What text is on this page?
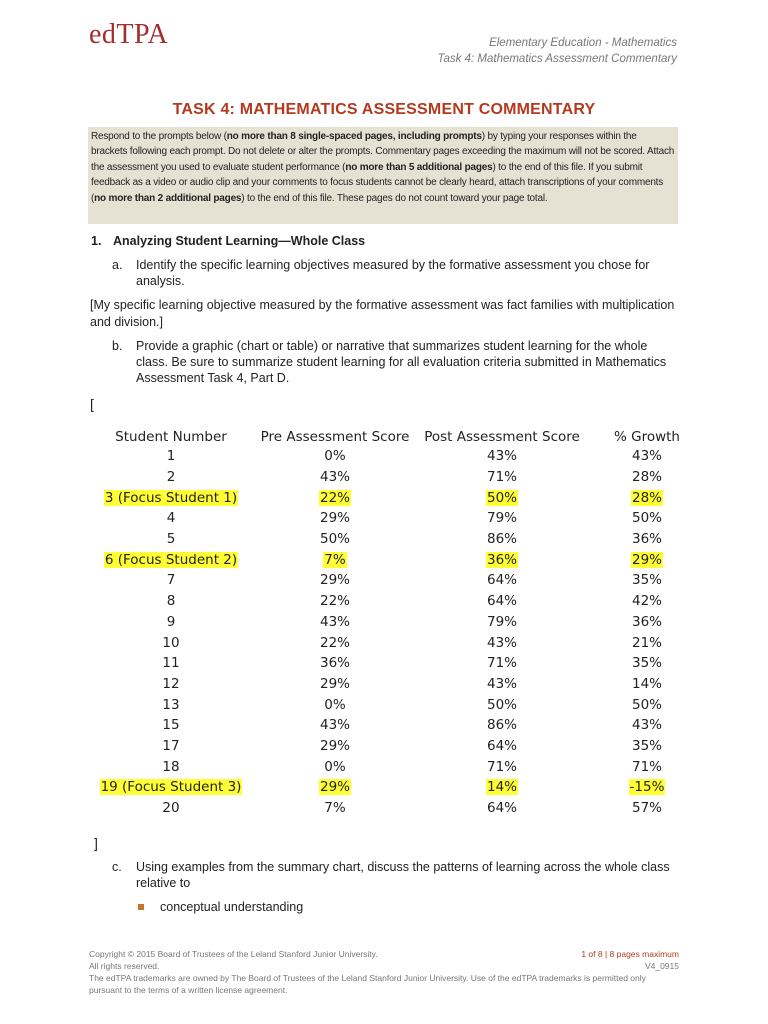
edTPA	Elementary Education - Mathematics
Task 4: Mathematics Assessment Commentary
TASK 4: MATHEMATICS ASSESSMENT COMMENTARY
Respond to the prompts below (no more than 8 single-spaced pages, including prompts) by typing your responses within the brackets following each prompt. Do not delete or alter the prompts. Commentary pages exceeding the maximum will not be scored. Attach the assessment you used to evaluate student performance (no more than 5 additional pages) to the end of this file. If you submit feedback as a video or audio clip and your comments to focus students cannot be clearly heard, attach transcriptions of your comments (no more than 2 additional pages) to the end of this file. These pages do not count toward your page total.
1. Analyzing Student Learning—Whole Class
a. Identify the specific learning objectives measured by the formative assessment you chose for analysis.
[My specific learning objective measured by the formative assessment was fact families with multiplication and division.]
b. Provide a graphic (chart or table) or narrative that summarizes student learning for the whole class. Be sure to summarize student learning for all evaluation criteria submitted in Mathematics Assessment Task 4, Part D.
[
Student Number	Pre Assessment Score	Post Assessment Score	% Growth
1	0%	43%	43%
2	43%	71%	28%
3 (Focus Student 1)	22%	50%	28%
4	29%	79%	50%
5	50%	86%	36%
6 (Focus Student 2)	7%	36%	29%
7	29%	64%	35%
8	22%	64%	42%
9	43%	79%	36%
10	22%	43%	21%
11	36%	71%	35%
12	29%	43%	14%
13	0%	50%	50%
15	43%	86%	43%
17	29%	64%	35%
18	0%	71%	71%
19 (Focus Student 3)	29%	14%	-15%
20	7%	64%	57%
]
c. Using examples from the summary chart, discuss the patterns of learning across the whole class relative to
conceptual understanding
Copyright © 2015 Board of Trustees of the Leland Stanford Junior University.	1 of 8 | 8 pages maximum
All rights reserved.	V4_0915
The edTPA trademarks are owned by The Board of Trustees of the Leland Stanford Junior University. Use of the edTPA trademarks is permitted only pursuant to the terms of a written license agreement.
